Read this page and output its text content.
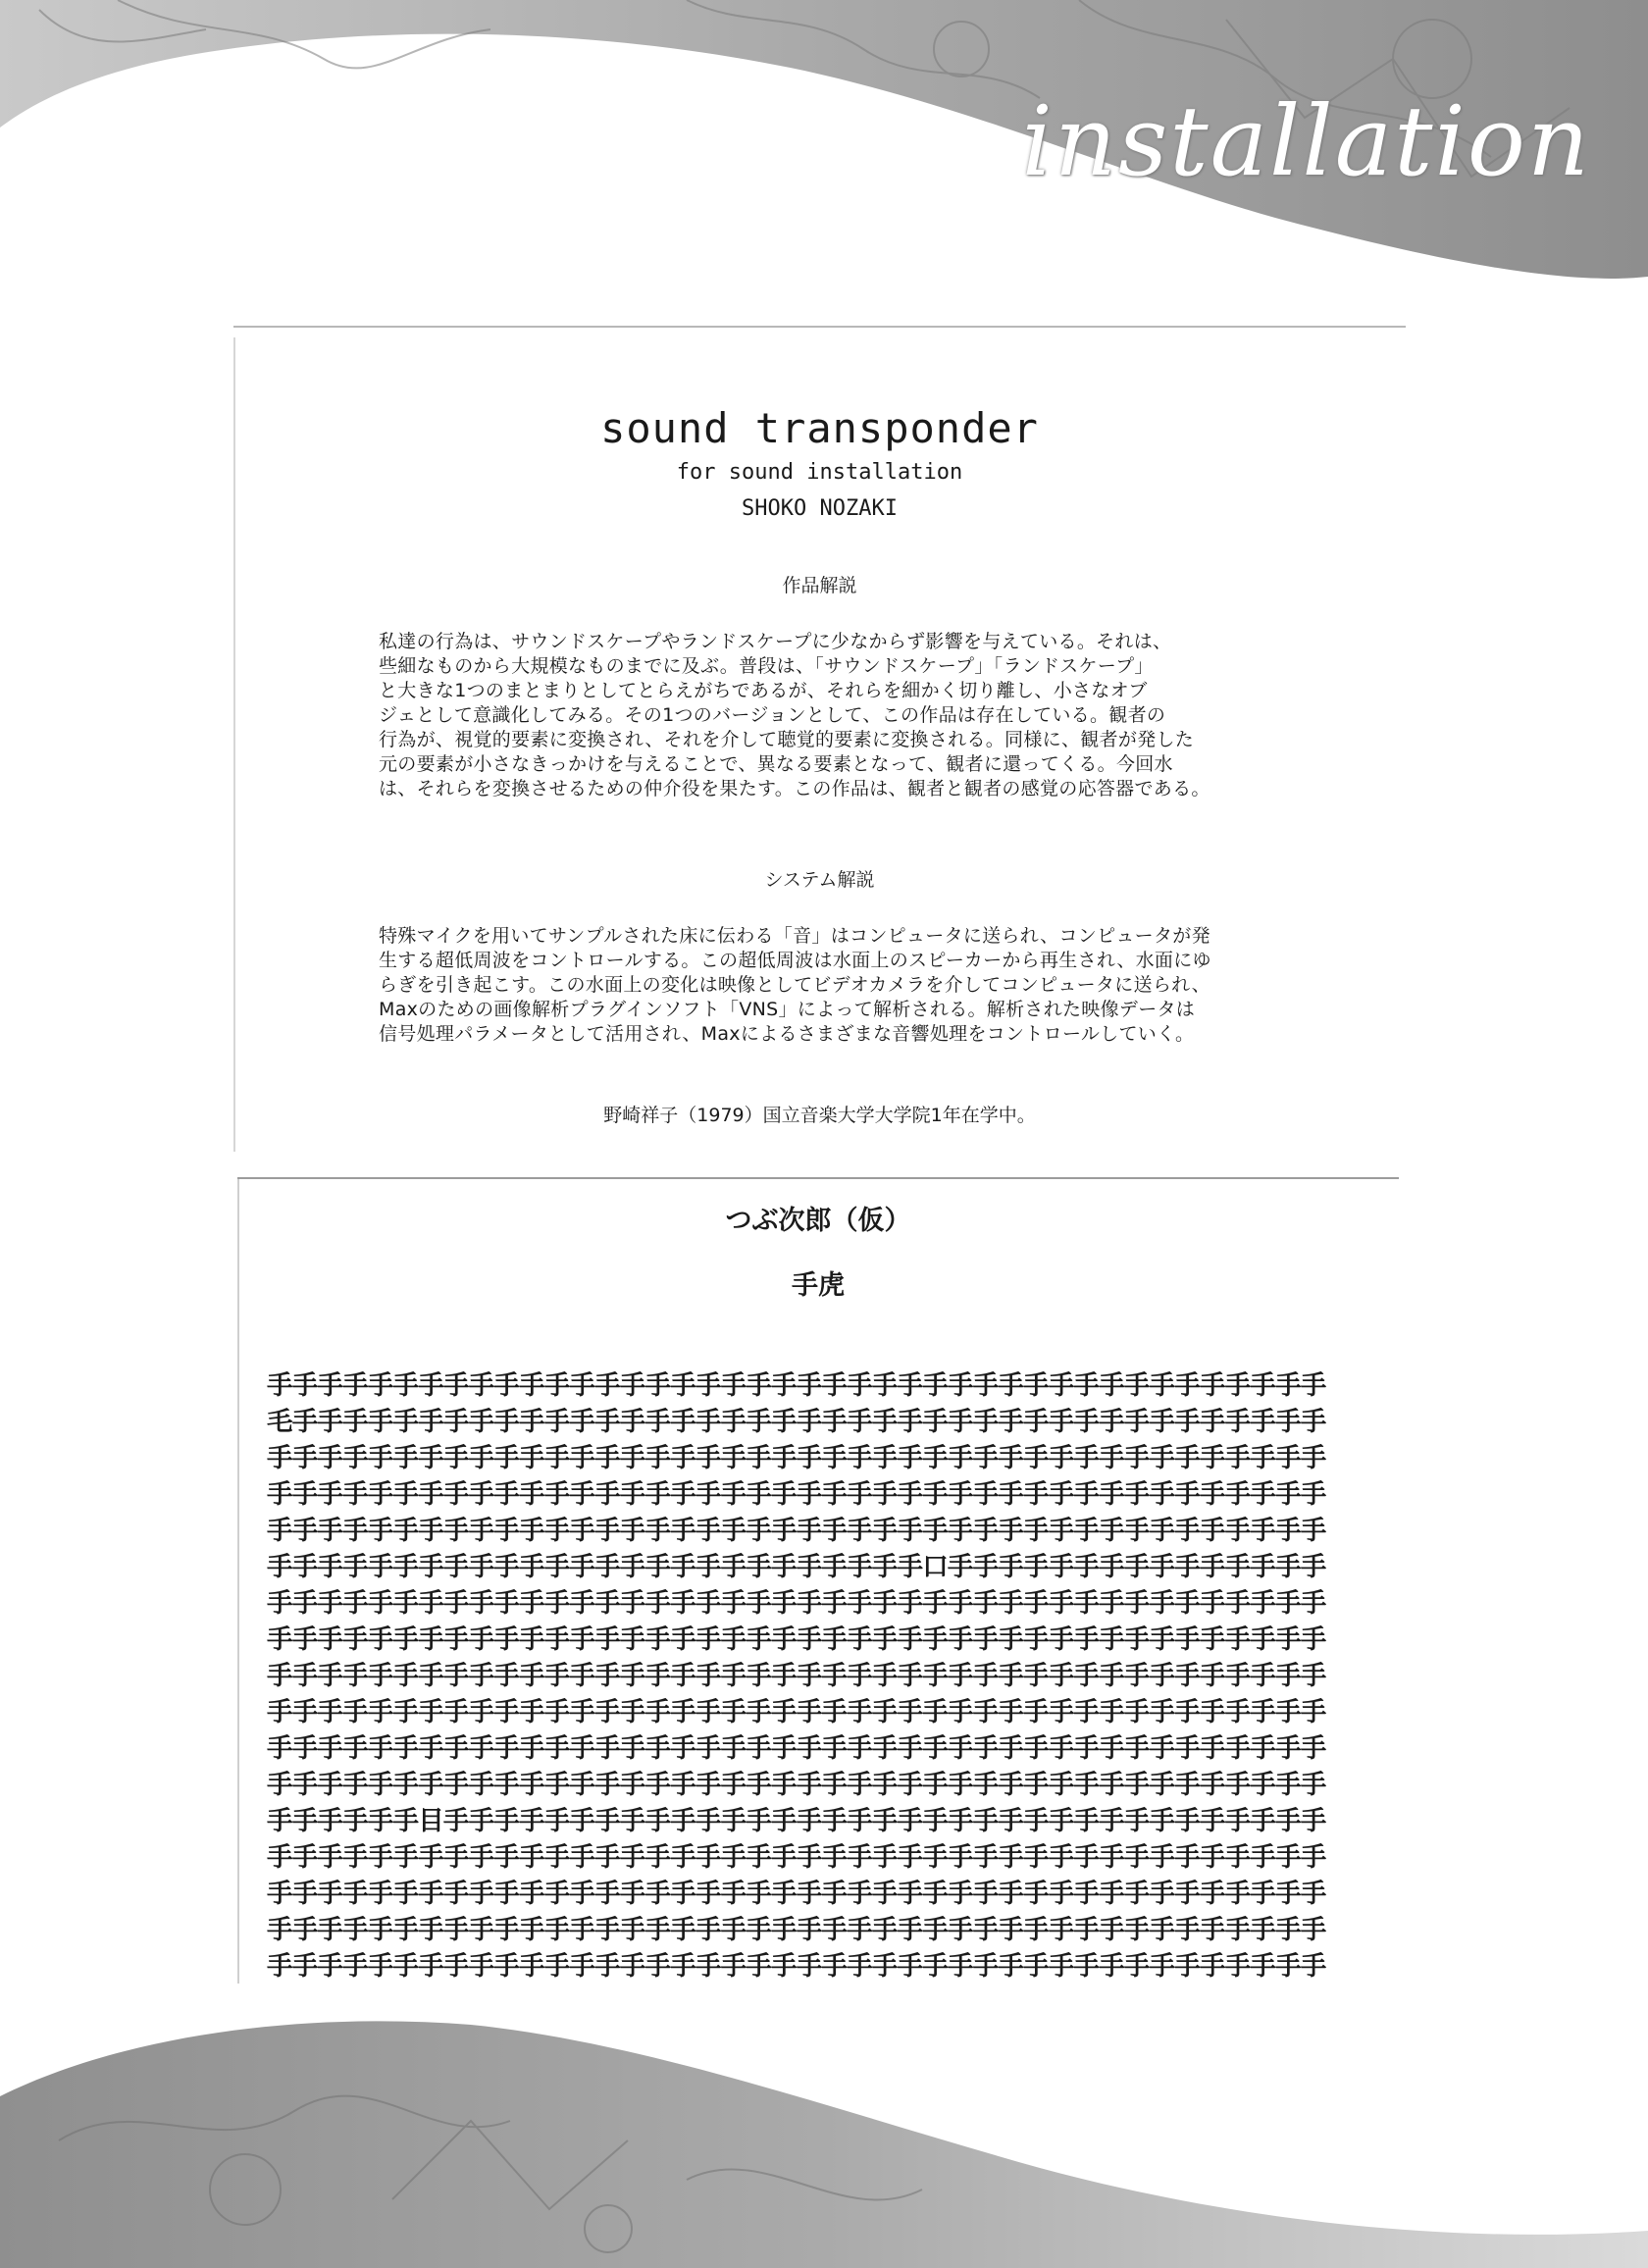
installation
sound transponder
for sound installation
SHOKO NOZAKI
作品解説
私達の行為は、サウンドスケープやランドスケープに少なからず影響を与えている。それは、
些細なものから大規模なものまでに及ぶ。普段は、「サウンドスケープ」「ランドスケープ」
と大きな1つのまとまりとしてとらえがちであるが、それらを細かく切り離し、小さなオブ
ジェとして意識化してみる。その1つのバージョンとして、この作品は存在している。観者の
行為が、視覚的要素に変換され、それを介して聴覚的要素に変換される。同様に、観者が発した
元の要素が小さなきっかけを与えることで、異なる要素となって、観者に還ってくる。今回水
は、それらを変換させるための仲介役を果たす。この作品は、観者と観者の感覚の応答器である。
システム解説
特殊マイクを用いてサンプルされた床に伝わる「音」はコンピュータに送られ、コンピュータが発
生する超低周波をコントロールする。この超低周波は水面上のスピーカーから再生され、水面にゆ
らぎを引き起こす。この水面上の変化は映像としてビデオカメラを介してコンピュータに送られ、
Maxのための画像解析プラグインソフト「VNS」によって解析される。解析された映像データは
信号処理パラメータとして活用され、Maxによるさまざまな音響処理をコントロールしていく。
野崎祥子（1979）国立音楽大学大学院1年在学中。
つぶ次郎（仮）
手虎
手手手手手手手手手手手手手手手手手手手手手手手手手手手手手手手手手手手手手手手手手手
毛手手手手手手手手手手手手手手手手手手手手手手手手手手手手手手手手手手手手手手手手手
手手手手手手手手手手手手手手手手手手手手手手手手手手手手手手手手手手手手手手手手手手
手手手手手手手手手手手手手手手手手手手手手手手手手手手手手手手手手手手手手手手手手手
手手手手手手手手手手手手手手手手手手手手手手手手手手手手手手手手手手手手手手手手手手
手手手手手手手手手手手手手手手手手手手手手手手手手手口手手手手手手手手手手手手手手手
手手手手手手手手手手手手手手手手手手手手手手手手手手手手手手手手手手手手手手手手手手
手手手手手手手手手手手手手手手手手手手手手手手手手手手手手手手手手手手手手手手手手手
手手手手手手手手手手手手手手手手手手手手手手手手手手手手手手手手手手手手手手手手手手
手手手手手手手手手手手手手手手手手手手手手手手手手手手手手手手手手手手手手手手手手手
手手手手手手手手手手手手手手手手手手手手手手手手手手手手手手手手手手手手手手手手手手
手手手手手手手手手手手手手手手手手手手手手手手手手手手手手手手手手手手手手手手手手手
手手手手手手目手手手手手手手手手手手手手手手手手手手手手手手手手手手手手手手手手手手
手手手手手手手手手手手手手手手手手手手手手手手手手手手手手手手手手手手手手手手手手手
手手手手手手手手手手手手手手手手手手手手手手手手手手手手手手手手手手手手手手手手手手
手手手手手手手手手手手手手手手手手手手手手手手手手手手手手手手手手手手手手手手手手手
手手手手手手手手手手手手手手手手手手手手手手手手手手手手手手手手手手手手手手手手手手
